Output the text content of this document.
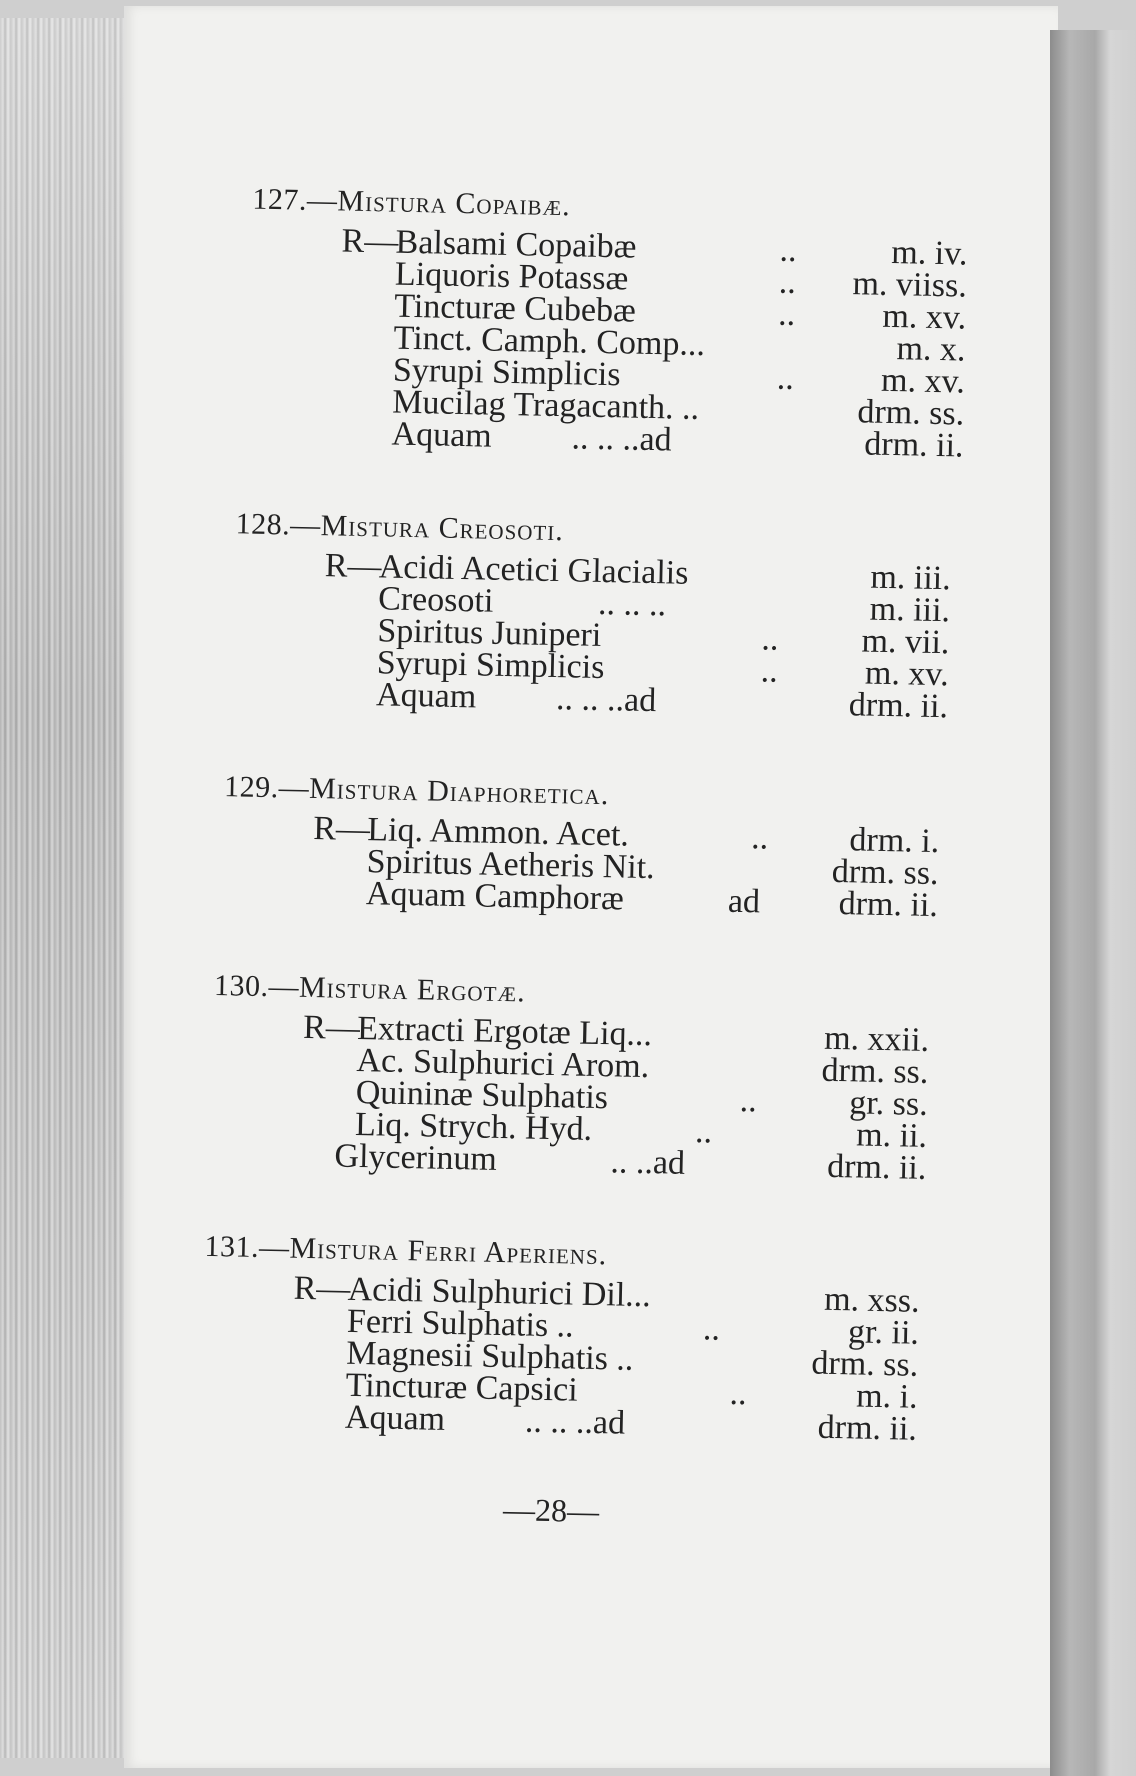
127.—Mistura Copaibæ.
R—Balsami Copaibæ	..	m. iv.
Liquoris Potassæ	.. m. viiss.
Tincturæ Cubebæ	..	m. xv.
Tinct. Camph. Comp...	m. x.
Syrupi Simplicis	..	m. xv.
Mucilag Tragacanth. ..	drm. ss.
Aquam .. .. ..ad	drm. ii.
128.—Mistura Creosoti.
R—Acidi Acetici Glacialis	m. iii.
Creosoti	.. .. ..	m. iii.
Spiritus Juniperi	.. m. vii.
Syrupi Simplicis	..	m. xv.
Aquam .. .. ..ad	drm. ii.
129.—Mistura Diaphoretica.
R—Liq. Ammon. Acet.	.. drm. i.
Spiritus Aetheris Nit.	drm. ss.
Aquam Camphoræ	ad drm. ii.
130.—Mistura Ergotæ.
R—Extracti Ergotæ Liq...	m. xxii.
Ac. Sulphurici Arom.	drm. ss.
Quininæ Sulphatis	..	gr. ss.
Liq. Strych. Hyd.	..	m. ii.
Glycerinum	.. ..ad	drm. ii.
131.—Mistura Ferri Aperiens.
R—Acidi Sulphurici Dil...	m. xss.
Ferri Sulphatis ..	..	gr. ii.
Magnesii Sulphatis ..	drm. ss.
Tincturæ Capsici	..	m. i.
Aquam .. .. ..ad	drm. ii.
—28—
